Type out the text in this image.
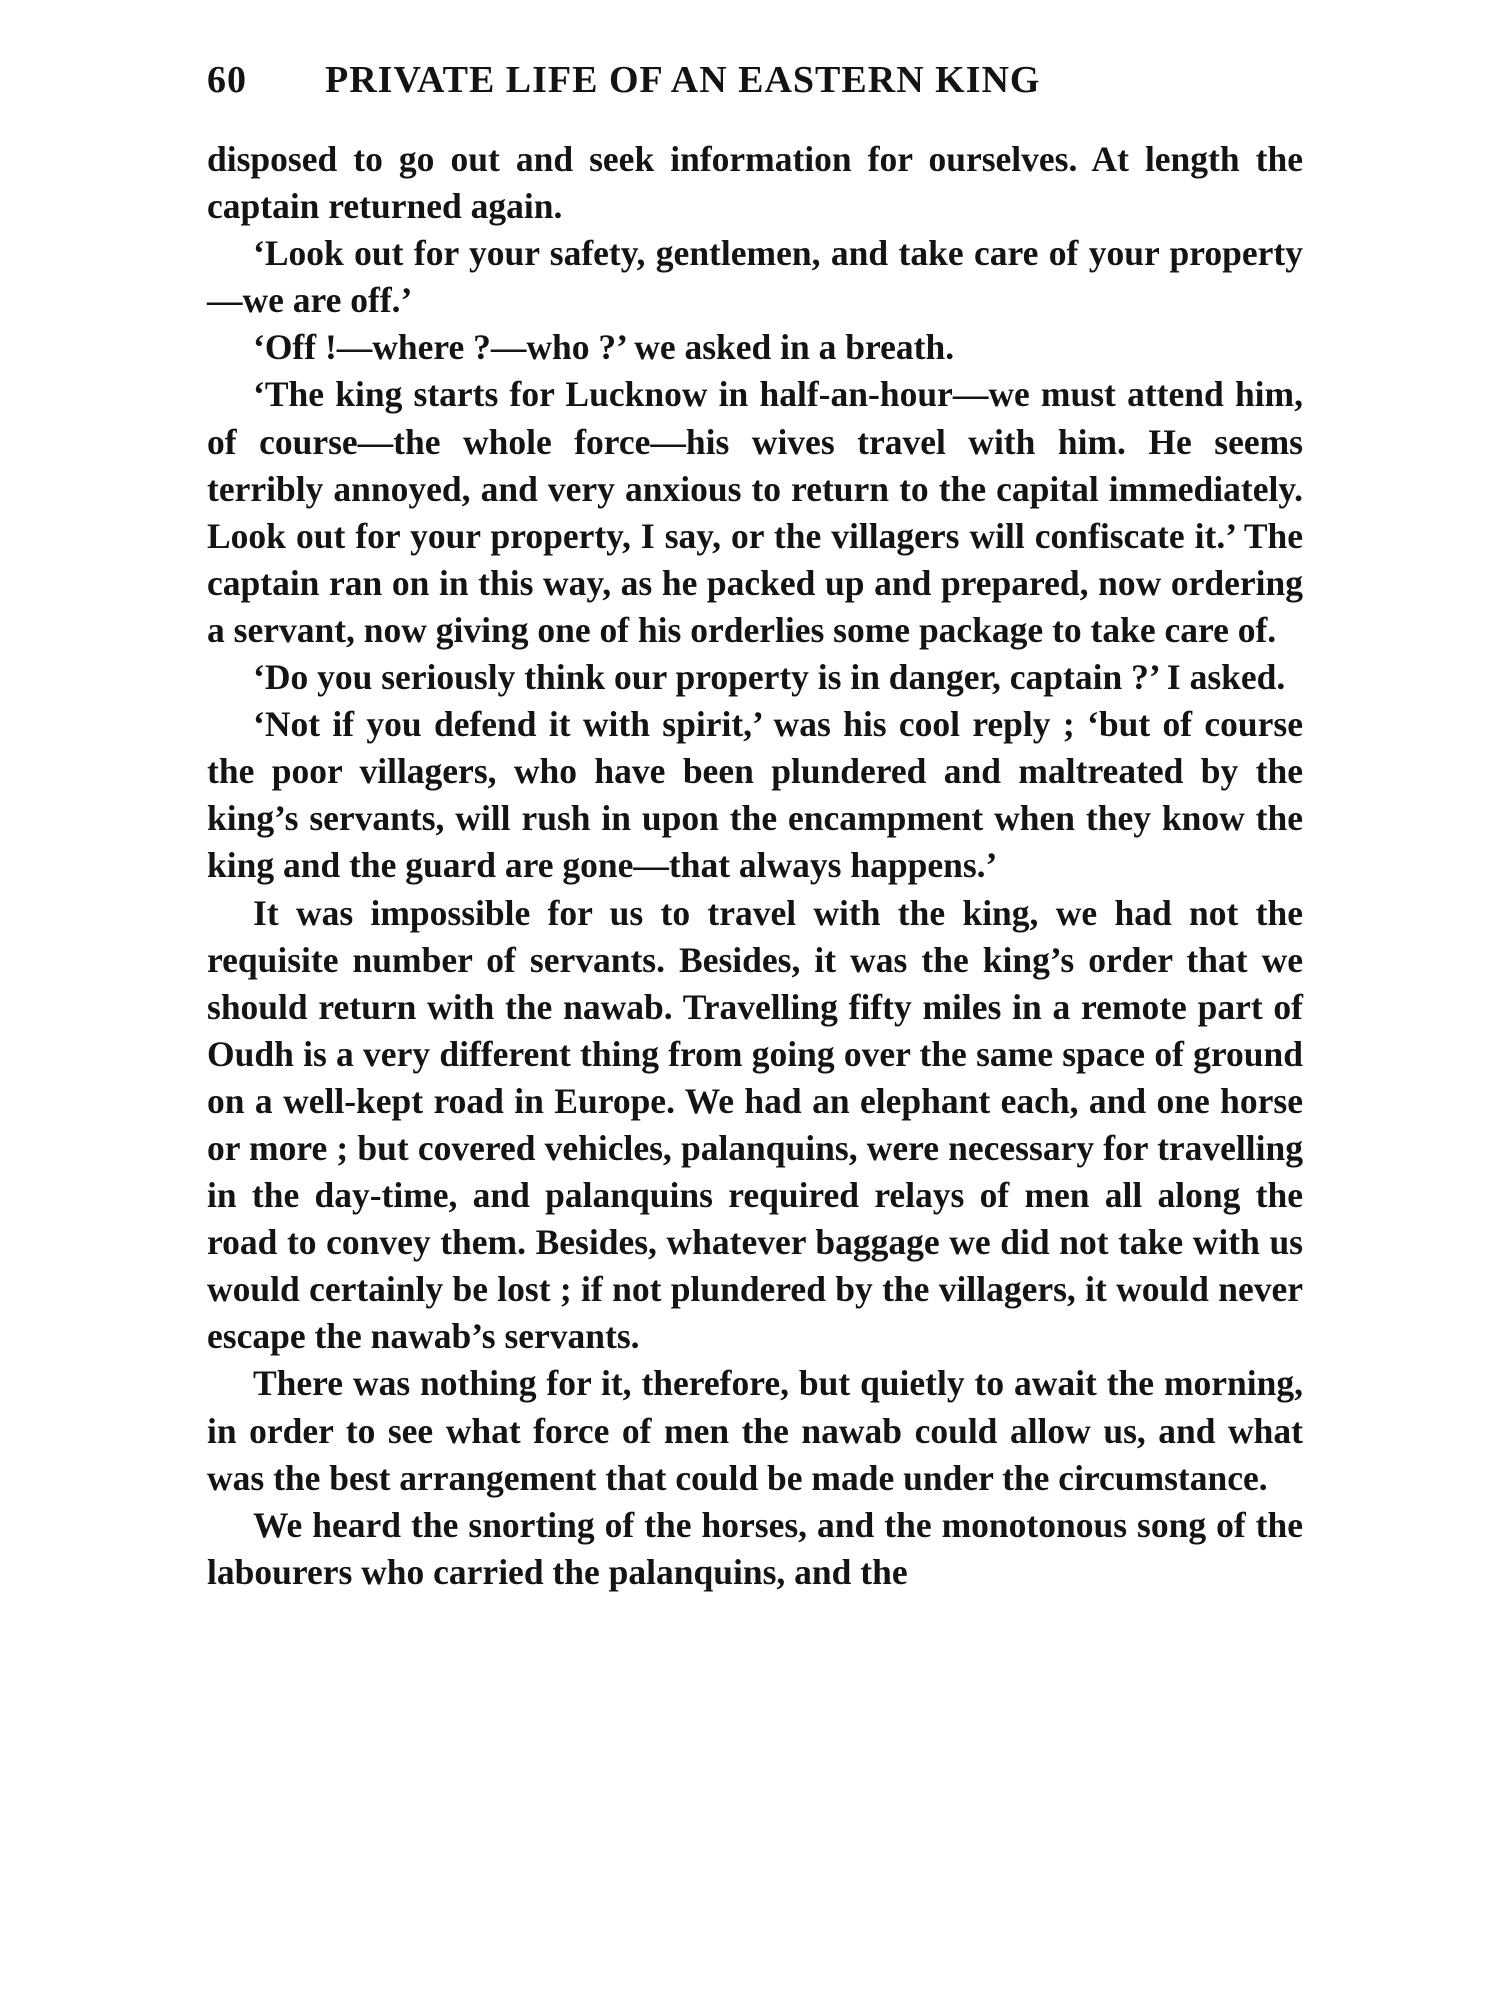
60	PRIVATE LIFE OF AN EASTERN KING

disposed to go out and seek information for ourselves. At length the captain returned again.

‘Look out for your safety, gentlemen, and take care of your property—we are off.’

‘Off !—where ?—who ?’ we asked in a breath.

‘The king starts for Lucknow in half-an-hour—we must attend him, of course—the whole force—his wives travel with him. He seems terribly annoyed, and very anxious to return to the capital immediately. Look out for your property, I say, or the villagers will confiscate it.’ The captain ran on in this way, as he packed up and prepared, now ordering a servant, now giving one of his orderlies some package to take care of.

‘Do you seriously think our property is in danger, captain ?’ I asked.

‘Not if you defend it with spirit,’ was his cool reply ; ‘but of course the poor villagers, who have been plundered and maltreated by the king’s servants, will rush in upon the encampment when they know the king and the guard are gone—that always happens.’

It was impossible for us to travel with the king, we had not the requisite number of servants. Besides, it was the king’s order that we should return with the nawab. Travelling fifty miles in a remote part of Oudh is a very different thing from going over the same space of ground on a well-kept road in Europe. We had an elephant each, and one horse or more ; but covered vehicles, palanquins, were necessary for travelling in the day-time, and palanquins required relays of men all along the road to convey them. Besides, whatever baggage we did not take with us would certainly be lost ; if not plundered by the villagers, it would never escape the nawab’s servants.

There was nothing for it, therefore, but quietly to await the morning, in order to see what force of men the nawab could allow us, and what was the best arrangement that could be made under the circumstance.

We heard the snorting of the horses, and the monotonous song of the labourers who carried the palanquins, and the
